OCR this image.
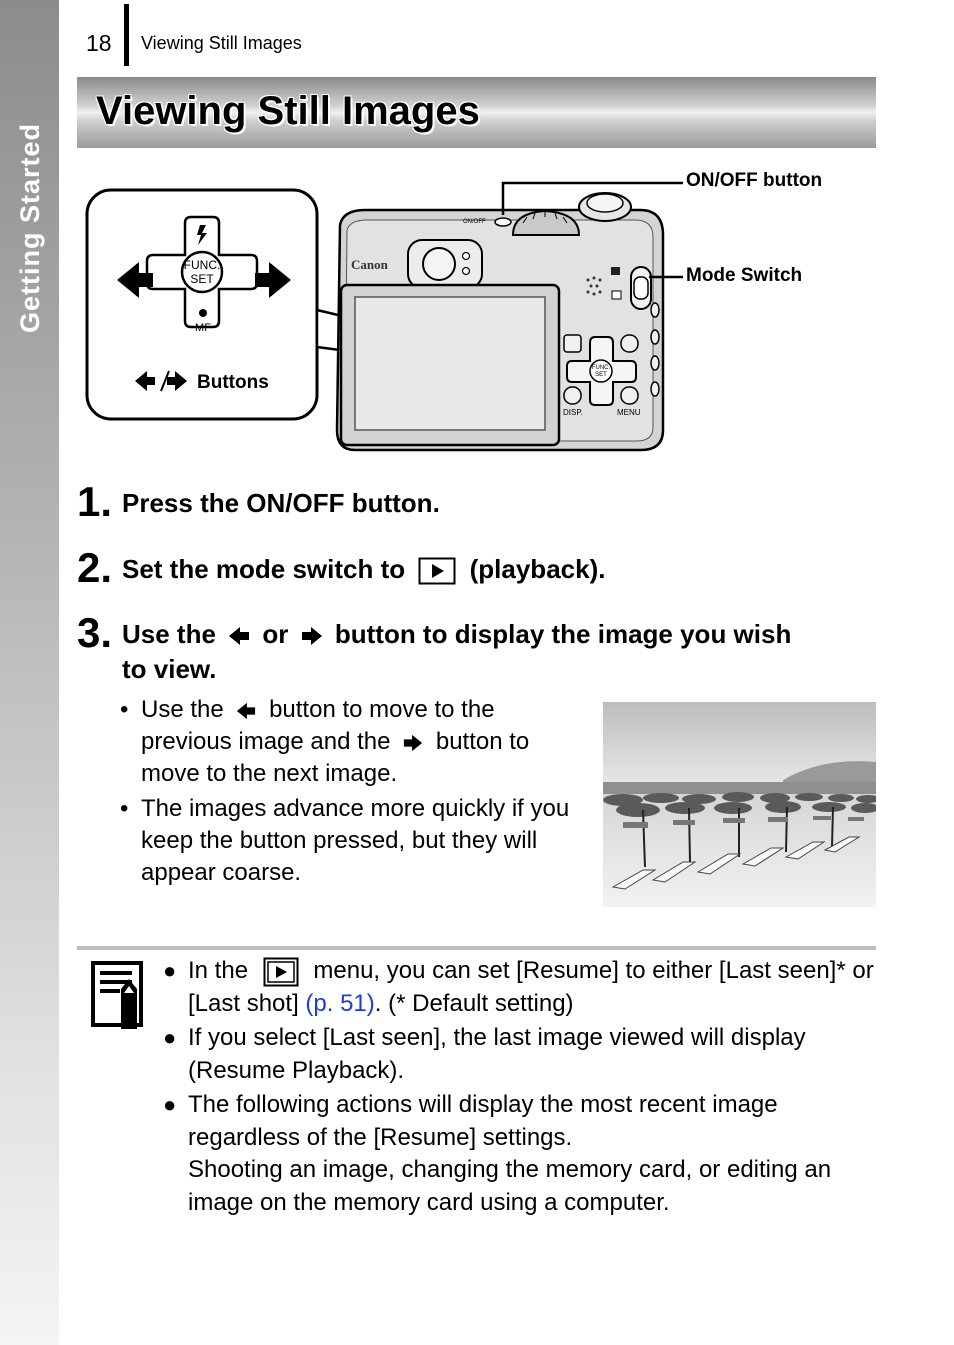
Getting Started
18 Viewing Still Images
Viewing Still Images
FUNC.
SET
MF
Buttons
ON/OFF
Canon
FUNC.
SET
DISP.	MENU
ON/OFF button
Mode Switch
1. Press the ON/OFF button.
2. Set the mode switch to (playback).
3. Use the or button to display the image you wish
to view.
• Use the button to move to the previous image and the button to move to the next image.
• The images advance more quickly if you keep the button pressed, but they will appear coarse.
● In the	menu, you can set [Resume] to either [Last seen]* or [Last shot] (p. 51). (* Default setting)
● If you select [Last seen], the last image viewed will display (Resume Playback).
● The following actions will display the most recent image regardless of the [Resume] settings.
Shooting an image, changing the memory card, or editing an image on the memory card using a computer.
